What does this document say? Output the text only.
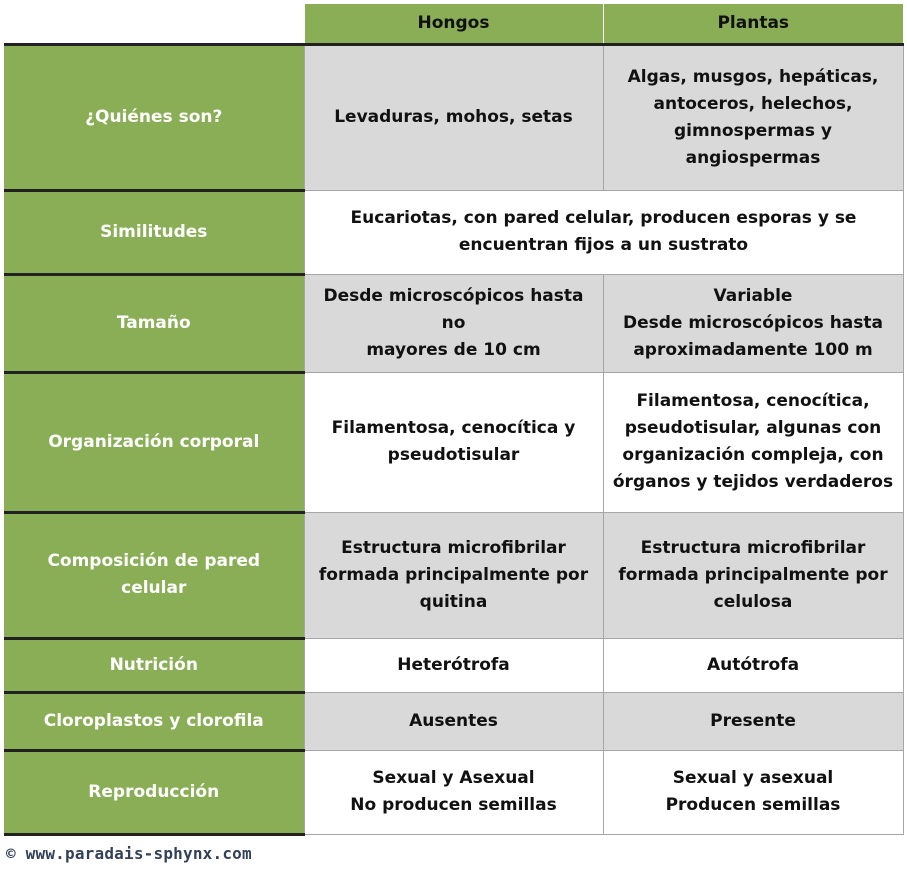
	Hongos	Plantas
¿Quiénes son?	Levaduras, mohos, setas	Algas, musgos, hepáticas,
antoceros, helechos,
gimnospermas y
angiospermas

Similitudes	Eucariotas, con pared celular, producen esporas y se
encuentran fijos a un sustrato	

Tamaño	Desde microscópicos hasta no
mayores de 10 cm	Variable
Desde microscópicos hasta
aproximadamente 100 m

Organización corporal	Filamentosa, cenocítica y
pseudotisular	Filamentosa, cenocítica,
pseudotisular, algunas con
organización compleja, con
órganos y tejidos verdaderos

Composición de pared celular	Estructura microfibrilar
formada principalmente por
quitina	Estructura microfibrilar
formada principalmente por
celulosa

Nutrición	Heterótrofa	Autótrofa

Cloroplastos y clorofila	Ausentes	Presente

Reproducción	Sexual y Asexual
No producen semillas	Sexual y asexual
Producen semillas
© www.paradais-sphynx.com
